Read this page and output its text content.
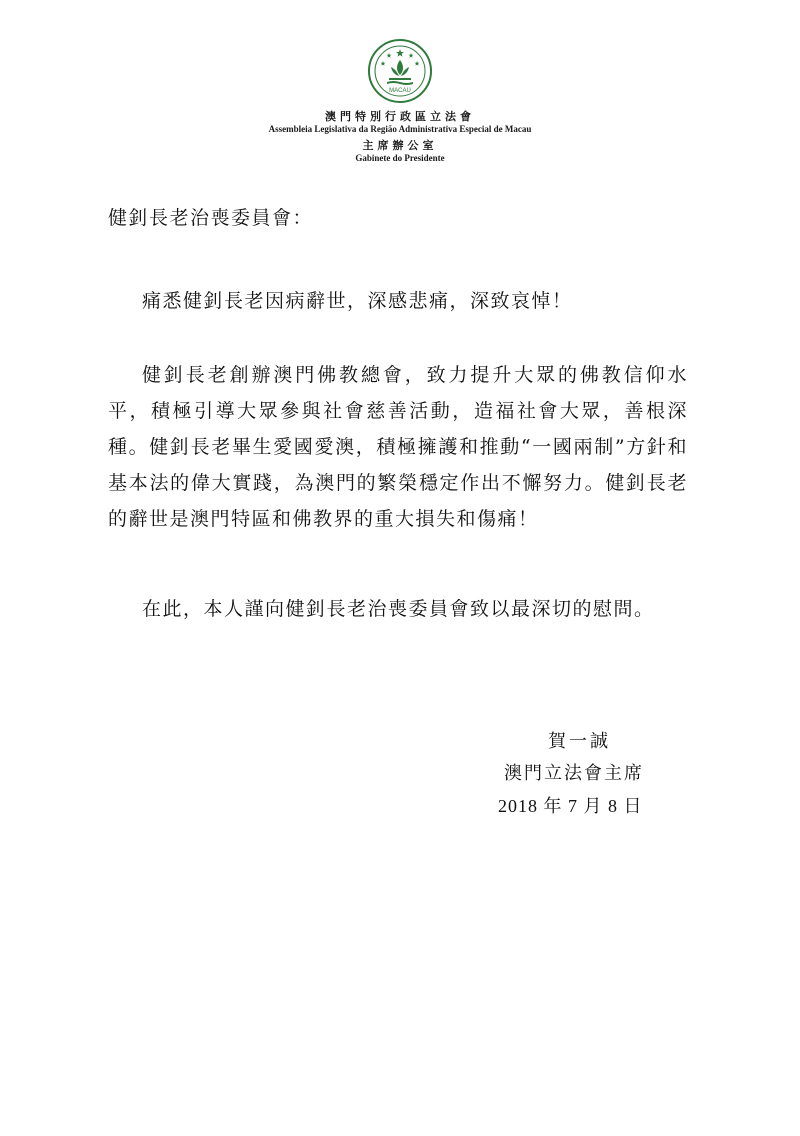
MACAU

澳門特別行政區立法會

Assembleia Legislativa da Região Administrativa Especial de Macau

主席辦公室

Gabinete do Presidente

健釗長老治喪委員會：
痛悉健釗長老因病辭世，深感悲痛，深致哀悼！
健釗長老創辦澳門佛教總會，致力提升大眾的佛教信仰水平，積極引導大眾參與社會慈善活動，造福社會大眾，善根深種。健釗長老畢生愛國愛澳，積極擁護和推動“一國兩制”方針和基本法的偉大實踐，為澳門的繁榮穩定作出不懈努力。健釗長老的辭世是澳門特區和佛教界的重大損失和傷痛！
在此，本人謹向健釗長老治喪委員會致以最深切的慰問。
賀一誠
澳門立法會主席
2018 年 7 月 8 日
